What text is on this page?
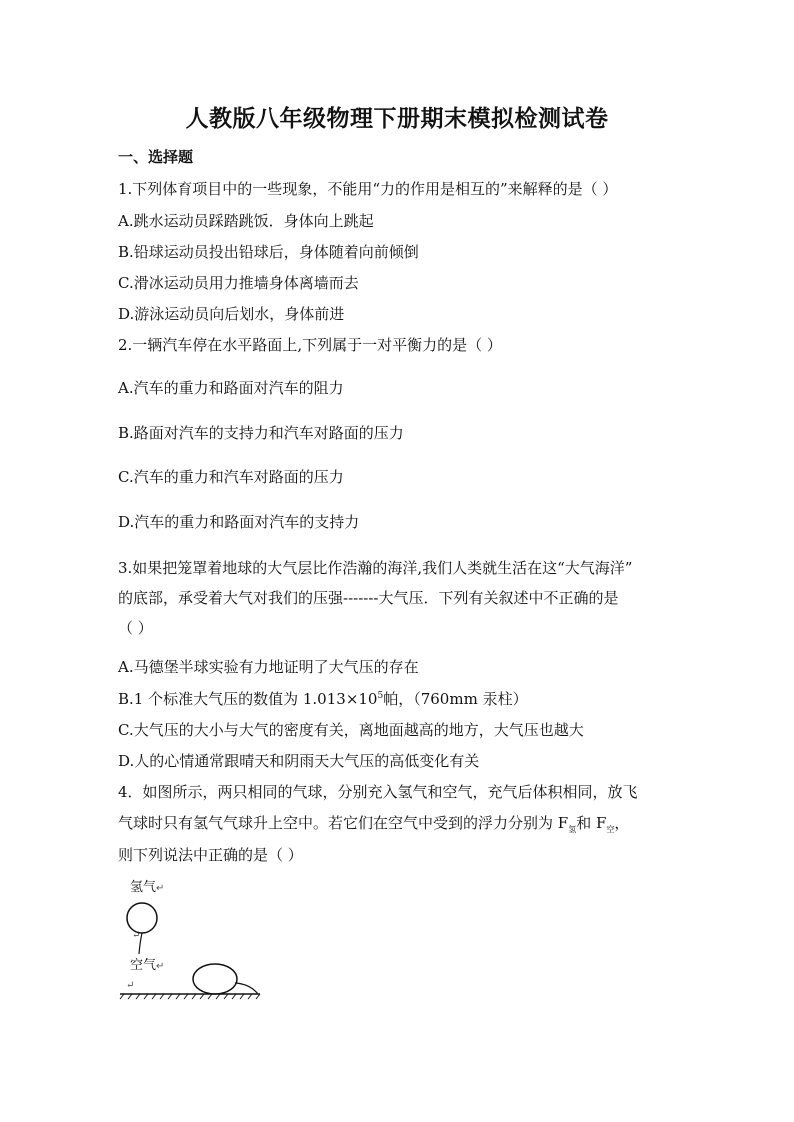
人教版八年级物理下册期末模拟检测试卷
一、选择题
1.下列体育项目中的一些现象，不能用“力的作用是相互的”来解释的是（ ）
A.跳水运动员踩踏跳饭．身体向上跳起
B.铅球运动员投出铅球后，身体随着向前倾倒
C.滑冰运动员用力推墙身体离墙而去
D.游泳运动员向后划水，身体前进
2.一辆汽车停在水平路面上,下列属于一对平衡力的是（ ）
A.汽车的重力和路面对汽车的阻力
B.路面对汽车的支持力和汽车对路面的压力
C.汽车的重力和汽车对路面的压力
D.汽车的重力和路面对汽车的支持力
3.如果把笼罩着地球的大气层比作浩瀚的海洋,我们人类就生活在这“大气海洋”
的底部，承受着大气对我们的压强-------大气压．下列有关叙述中不正确的是
（ ）
A.马德堡半球实验有力地证明了大气压的存在
B.1 个标准大气压的数值为 $1.013\times 10^5$帕，（760mm 汞柱）
C.大气压的大小与大气的密度有关，离地面越高的地方，大气压也越大
D.人的心情通常跟晴天和阴雨天大气压的高低变化有关
4．如图所示，两只相同的气球，分别充入氢气和空气，充气后体积相同，放飞
气球时只有氢气气球升上空中。若它们在空气中受到的浮力分别为 $F_氢$和 $F_空$，
则下列说法中正确的是（ ）
氢气↵
空气↵
↵
↵
